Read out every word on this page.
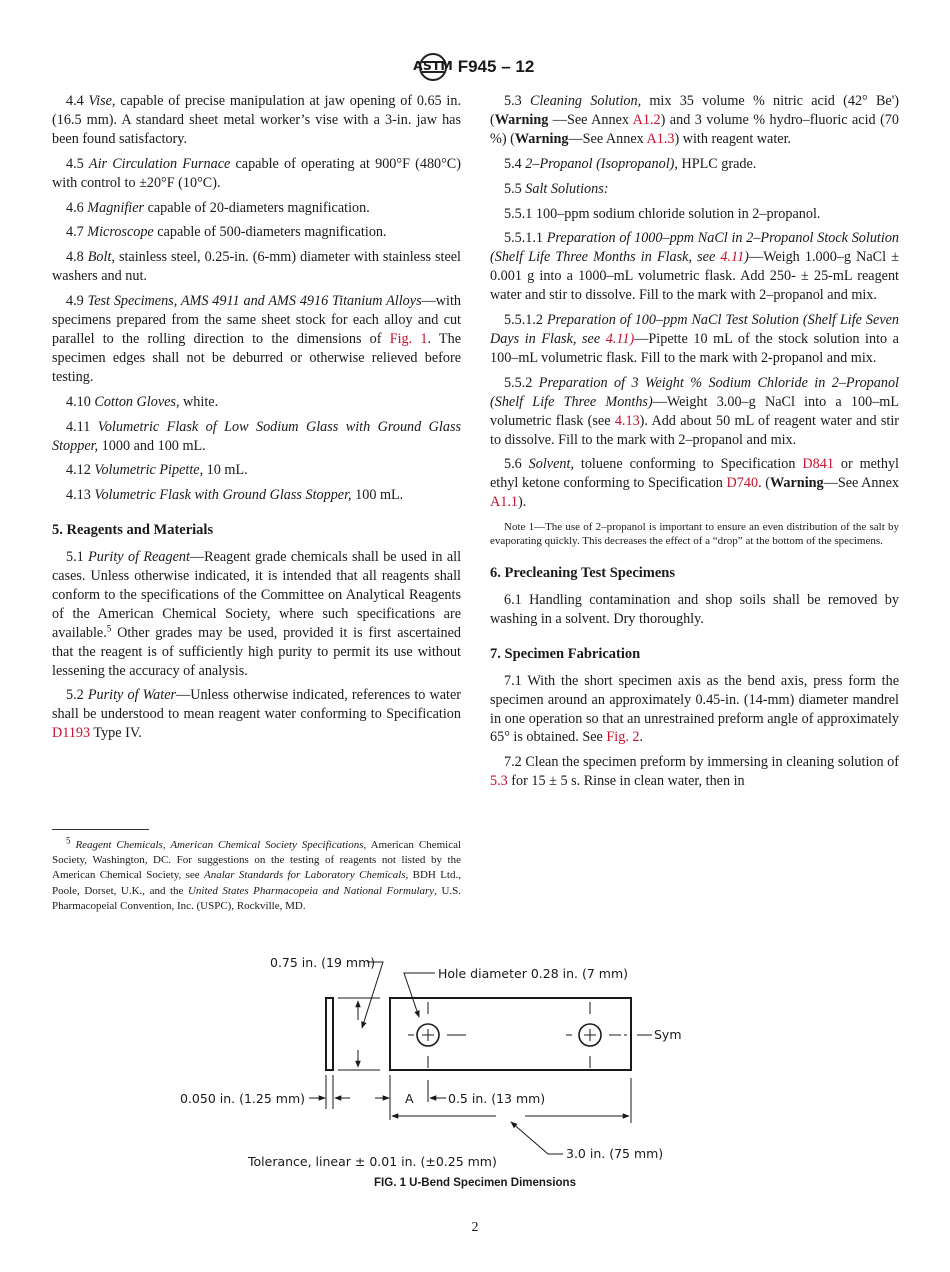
ASTM F945 – 12
4.4 Vise, capable of precise manipulation at jaw opening of 0.65 in. (16.5 mm). A standard sheet metal worker’s vise with a 3-in. jaw has been found satisfactory.
4.5 Air Circulation Furnace capable of operating at 900°F (480°C) with control to ±20°F (10°C).
4.6 Magnifier capable of 20-diameters magnification.
4.7 Microscope capable of 500-diameters magnification.
4.8 Bolt, stainless steel, 0.25-in. (6-mm) diameter with stainless steel washers and nut.
4.9 Test Specimens, AMS 4911 and AMS 4916 Titanium Alloys—with specimens prepared from the same sheet stock for each alloy and cut parallel to the rolling direction to the dimensions of Fig. 1. The specimen edges shall not be deburred or otherwise relieved before testing.
4.10 Cotton Gloves, white.
4.11 Volumetric Flask of Low Sodium Glass with Ground Glass Stopper, 1000 and 100 mL.
4.12 Volumetric Pipette, 10 mL.
4.13 Volumetric Flask with Ground Glass Stopper, 100 mL.
5. Reagents and Materials
5.1 Purity of Reagent—Reagent grade chemicals shall be used in all cases. Unless otherwise indicated, it is intended that all reagents shall conform to the specifications of the Committee on Analytical Reagents of the American Chemical Society, where such specifications are available.$^5$ Other grades may be used, provided it is first ascertained that the reagent is of sufficiently high purity to permit its use without lessening the accuracy of analysis.
5.2 Purity of Water—Unless otherwise indicated, references to water shall be understood to mean reagent water conforming to Specification D1193 Type IV.
$^5$ Reagent Chemicals, American Chemical Society Specifications, American Chemical Society, Washington, DC. For suggestions on the testing of reagents not listed by the American Chemical Society, see Analar Standards for Laboratory Chemicals, BDH Ltd., Poole, Dorset, U.K., and the United States Pharmacopeia and National Formulary, U.S. Pharmacopeial Convention, Inc. (USPC), Rockville, MD.
5.3 Cleaning Solution, mix 35 volume % nitric acid (42° Be') (Warning —See Annex A1.2) and 3 volume % hydro–fluoric acid (70 %) (Warning—See Annex A1.3) with reagent water.
5.4 2–Propanol (Isopropanol), HPLC grade.
5.5 Salt Solutions:
5.5.1 100–ppm sodium chloride solution in 2–propanol.
5.5.1.1 Preparation of 1000–ppm NaCl in 2–Propanol Stock Solution (Shelf Life Three Months in Flask, see 4.11)—Weigh 1.000–g NaCl ± 0.001 g into a 1000–mL volumetric flask. Add 250- ± 25-mL reagent water and stir to dissolve. Fill to the mark with 2–propanol and mix.
5.5.1.2 Preparation of 100–ppm NaCl Test Solution (Shelf Life Seven Days in Flask, see 4.11)—Pipette 10 mL of the stock solution into a 100–mL volumetric flask. Fill to the mark with 2-propanol and mix.
5.5.2 Preparation of 3 Weight % Sodium Chloride in 2–Propanol (Shelf Life Three Months)—Weight 3.00–g NaCl into a 100–mL volumetric flask (see 4.13). Add about 50 mL of reagent water and stir to dissolve. Fill to the mark with 2–propanol and mix.
5.6 Solvent, toluene conforming to Specification D841 or methyl ethyl ketone conforming to Specification D740. (Warning—See Annex A1.1).
Note 1—The use of 2–propanol is important to ensure an even distribution of the salt by evaporating quickly. This decreases the effect of a “drop” at the bottom of the specimens.
6. Precleaning Test Specimens
6.1 Handling contamination and shop soils shall be removed by washing in a solvent. Dry thoroughly.
7. Specimen Fabrication
7.1 With the short specimen axis as the bend axis, press form the specimen around an approximately 0.45-in. (14-mm) diameter mandrel in one operation so that an unrestrained preform angle of approximately 65° is obtained. See Fig. 2.
7.2 Clean the specimen preform by immersing in cleaning solution of 5.3 for 15 ± 5 s. Rinse in clean water, then in
0.75 in. (19 mm)
Hole diameter 0.28 in. (7 mm)
Sym
0.050 in. (1.25 mm)	A	0.5 in. (13 mm)
3.0 in. (75 mm)
Tolerance, linear ± 0.01 in. (±0.25 mm)
FIG. 1 U-Bend Specimen Dimensions
2
